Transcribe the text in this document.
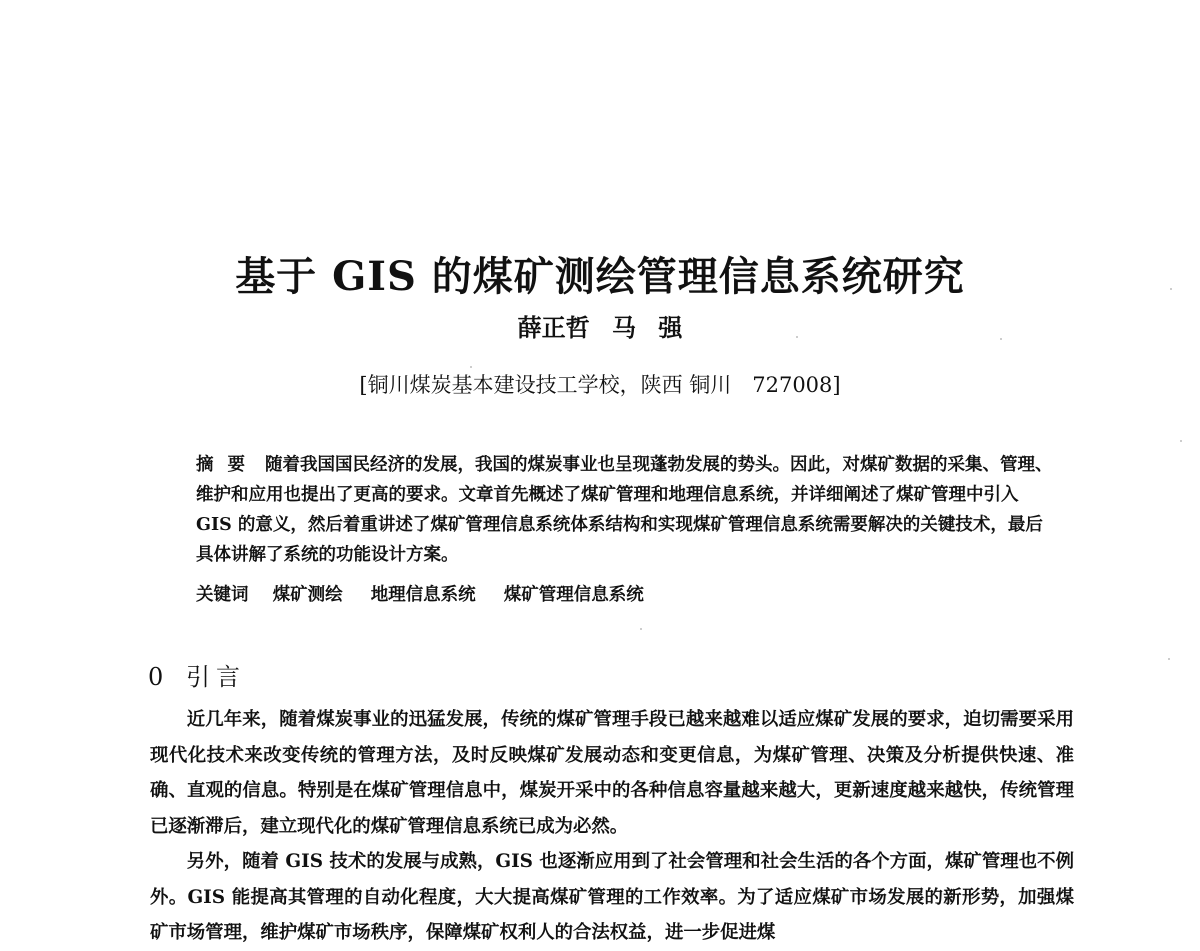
基于 GIS 的煤矿测绘管理信息系统研究
薛正哲 马 强
[铜川煤炭基本建设技工学校，陕西 铜川　727008]
摘要 随着我国国民经济的发展，我国的煤炭事业也呈现蓬勃发展的势头。因此，对煤矿数据的采集、管理、维护和应用也提出了更高的要求。文章首先概述了煤矿管理和地理信息系统，并详细阐述了煤矿管理中引入 GIS 的意义，然后着重讲述了煤矿管理信息系统体系结构和实现煤矿管理信息系统需要解决的关键技术，最后具体讲解了系统的功能设计方案。
关键词 煤矿测绘 地理信息系统 煤矿管理信息系统
0 引言

近几年来，随着煤炭事业的迅猛发展，传统的煤矿管理手段已越来越难以适应煤矿发展的要求，迫切需要采用现代化技术来改变传统的管理方法，及时反映煤矿发展动态和变更信息，为煤矿管理、决策及分析提供快速、准确、直观的信息。特别是在煤矿管理信息中，煤炭开采中的各种信息容量越来越大，更新速度越来越快，传统管理已逐渐滞后，建立现代化的煤矿管理信息系统已成为必然。

另外，随着 GIS 技术的发展与成熟，GIS 也逐渐应用到了社会管理和社会生活的各个方面，煤矿管理也不例外。GIS 能提高其管理的自动化程度，大大提高煤矿管理的工作效率。为了适应煤矿市场发展的新形势，加强煤矿市场管理，维护煤矿市场秩序，保障煤矿权利人的合法权益，进一步促进煤
